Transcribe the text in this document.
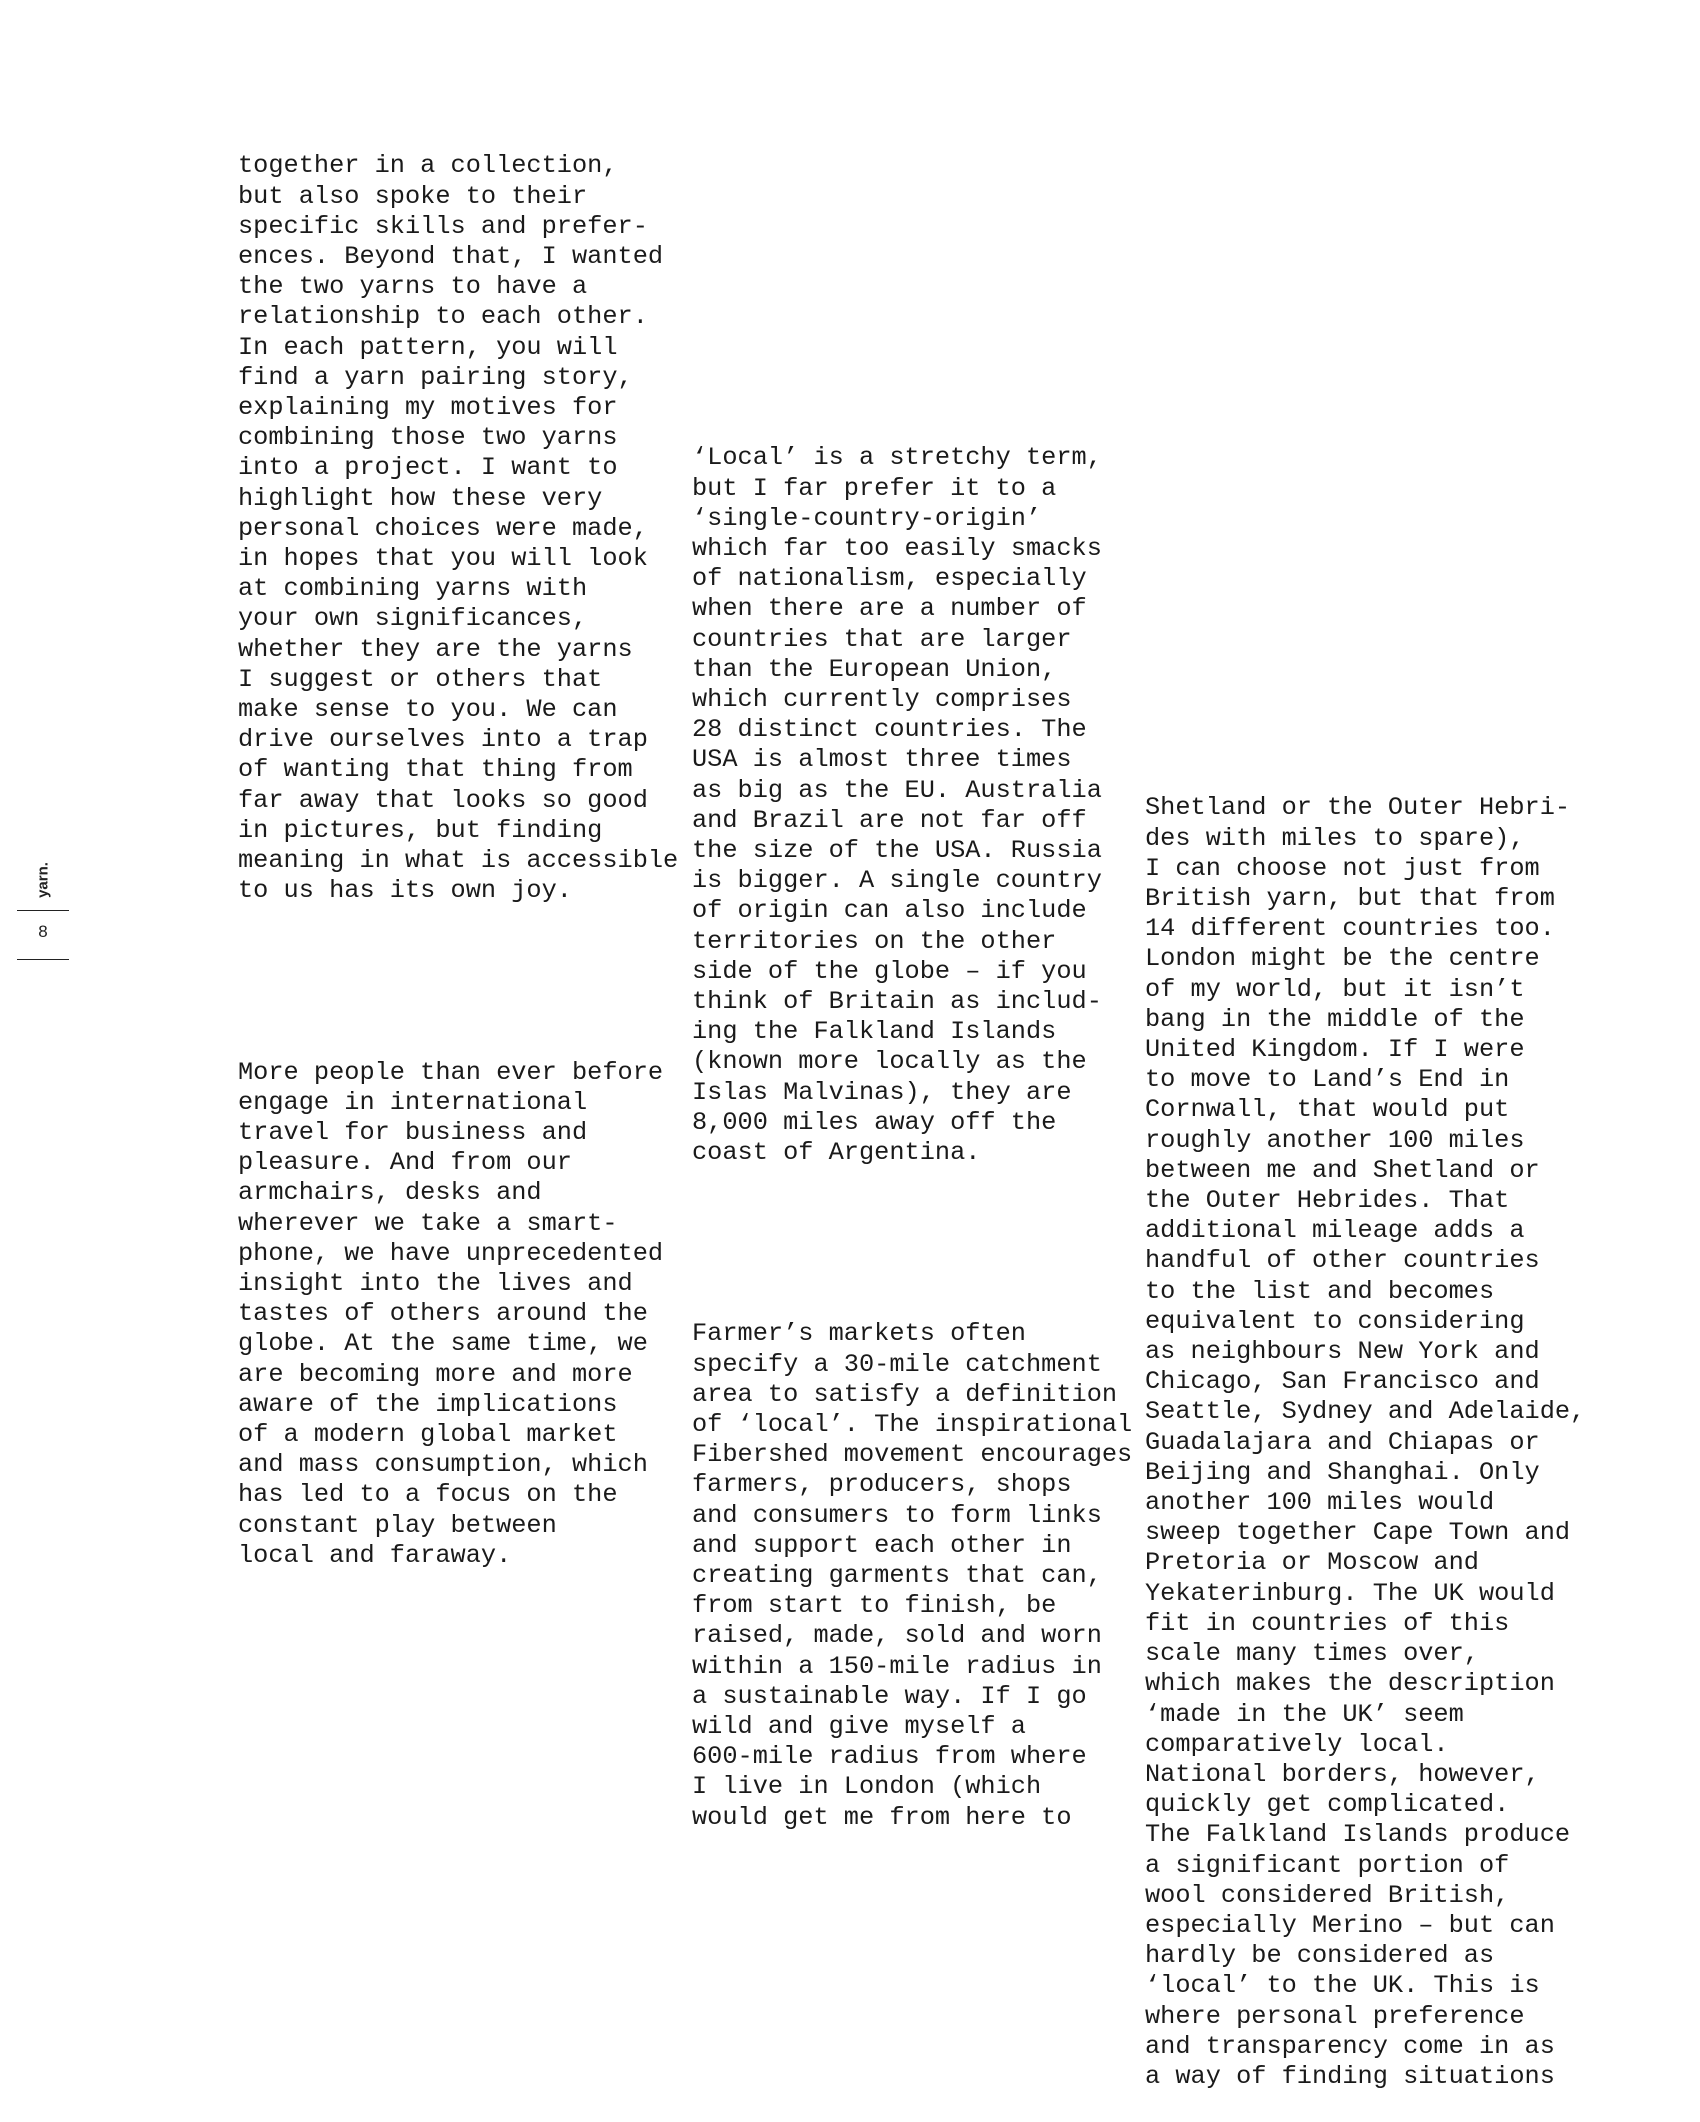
yarn.
8

together in a collection,
but also spoke to their
specific skills and prefer-
ences. Beyond that, I wanted
the two yarns to have a
relationship to each other.
In each pattern, you will
find a yarn pairing story,
explaining my motives for
combining those two yarns
into a project. I want to
highlight how these very
personal choices were made,
in hopes that you will look
at combining yarns with
your own significances,
whether they are the yarns
I suggest or others that
make sense to you. We can
drive ourselves into a trap
of wanting that thing from
far away that looks so good
in pictures, but finding
meaning in what is accessible
to us has its own joy.

More people than ever before
engage in international
travel for business and
pleasure. And from our
armchairs, desks and
wherever we take a smart-
phone, we have unprecedented
insight into the lives and
tastes of others around the
globe. At the same time, we
are becoming more and more
aware of the implications
of a modern global market
and mass consumption, which
has led to a focus on the
constant play between
local and faraway.

‘Local’ is a stretchy term,
but I far prefer it to a
‘single-country-origin’
which far too easily smacks
of nationalism, especially
when there are a number of
countries that are larger
than the European Union,
which currently comprises
28 distinct countries. The
USA is almost three times
as big as the EU. Australia
and Brazil are not far off
the size of the USA. Russia
is bigger. A single country
of origin can also include
territories on the other
side of the globe – if you
think of Britain as includ-
ing the Falkland Islands
(known more locally as the
Islas Malvinas), they are
8,000 miles away off the
coast of Argentina.

Farmer’s markets often
specify a 30-mile catchment
area to satisfy a definition
of ‘local’. The inspirational
Fibershed movement encourages
farmers, producers, shops
and consumers to form links
and support each other in
creating garments that can,
from start to finish, be
raised, made, sold and worn
within a 150-mile radius in
a sustainable way. If I go
wild and give myself a
600-mile radius from where
I live in London (which
would get me from here to

Shetland or the Outer Hebri-
des with miles to spare),
I can choose not just from
British yarn, but that from
14 different countries too.
London might be the centre
of my world, but it isn’t
bang in the middle of the
United Kingdom. If I were
to move to Land’s End in
Cornwall, that would put
roughly another 100 miles
between me and Shetland or
the Outer Hebrides. That
additional mileage adds a
handful of other countries
to the list and becomes
equivalent to considering
as neighbours New York and
Chicago, San Francisco and
Seattle, Sydney and Adelaide,
Guadalajara and Chiapas or
Beijing and Shanghai. Only
another 100 miles would
sweep together Cape Town and
Pretoria or Moscow and
Yekaterinburg. The UK would
fit in countries of this
scale many times over,
which makes the description
‘made in the UK’ seem
comparatively local.
National borders, however,
quickly get complicated.
The Falkland Islands produce
a significant portion of
wool considered British,
especially Merino – but can
hardly be considered as
‘local’ to the UK. This is
where personal preference
and transparency come in as
a way of finding situations
